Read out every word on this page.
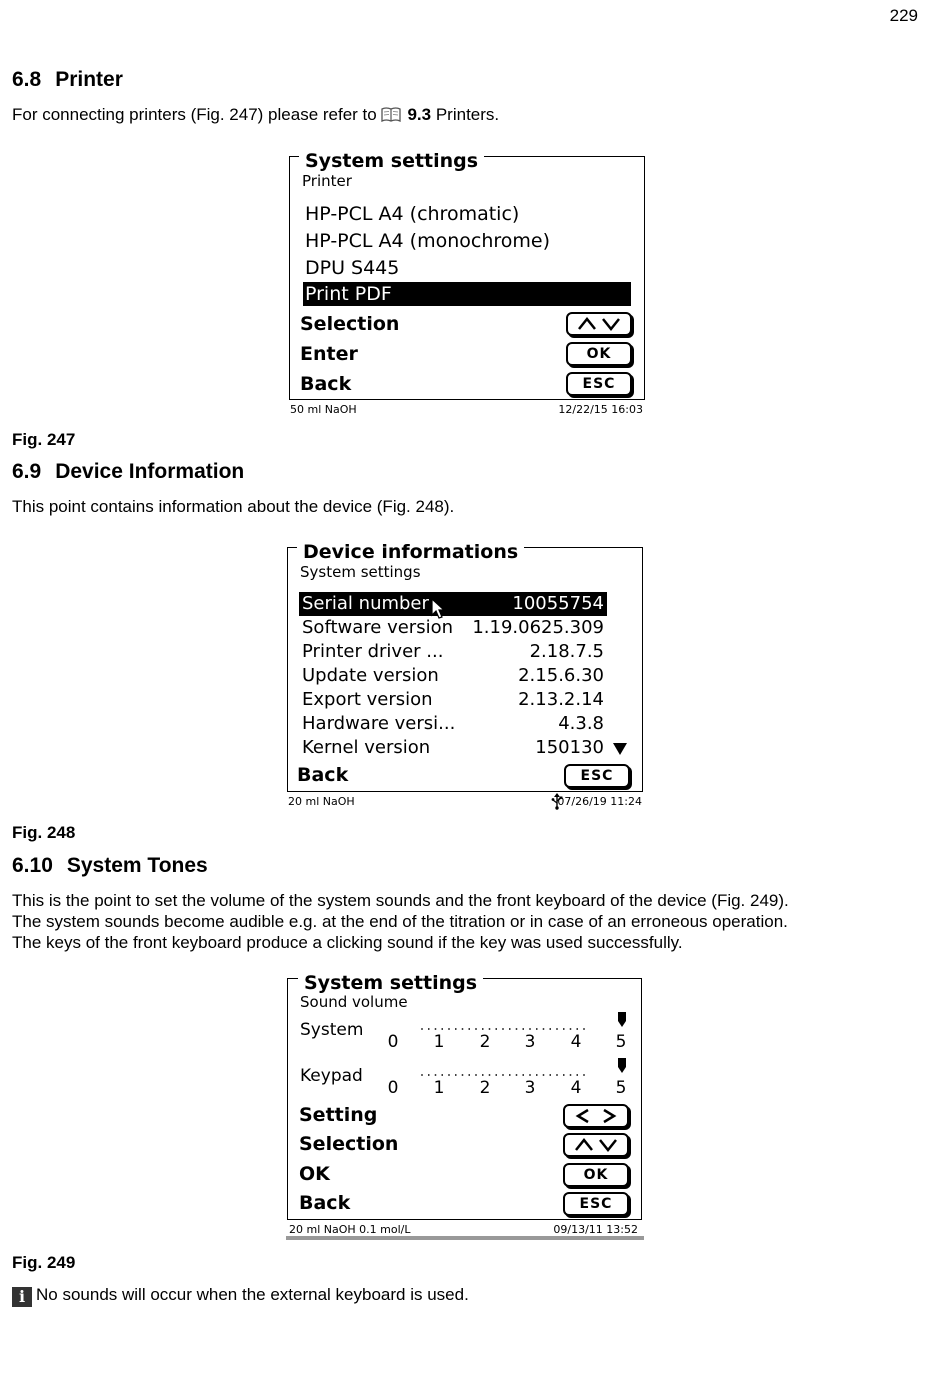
229
6.8 Printer

For connecting printers (Fig. 247) please refer to 9.3 Printers.

System settings
Printer
HP-PCL A4 (chromatic)
HP-PCL A4 (monochrome)
DPU S445
Print PDF
Selection
Enter	OK
Back	ESC
50 ml NaOH	12/22/15 16:03
Fig. 247
6.9 Device Information

This point contains information about the device (Fig. 248).

Device informations
System settings
Serial number	10055754
Software version 1.19.0625.309
Printer driver ...	2.18.7.5
Update version	2.15.6.30
Export version	2.13.2.14
Hardware versi...	4.3.8
Kernel version	150130
Back	ESC
20 ml NaOH	07/26/19 11:24
Fig. 248
6.10 System Tones

This is the point to set the volume of the system sounds and the front keyboard of the device (Fig. 249).
The system sounds become audible e.g. at the end of the titration or in case of an erroneous operation.
The keys of the front keyboard produce a clicking sound if the key was used successfully.

System settings
Sound volume
System
0 1 2 3 4 5
Keypad
0 1 2 3 4 5
Setting
Selection
OK	OK
Back	ESC
20 ml NaOH 0.1 mol/L	09/13/11 13:52
Fig. 249

i No sounds will occur when the external keyboard is used.
